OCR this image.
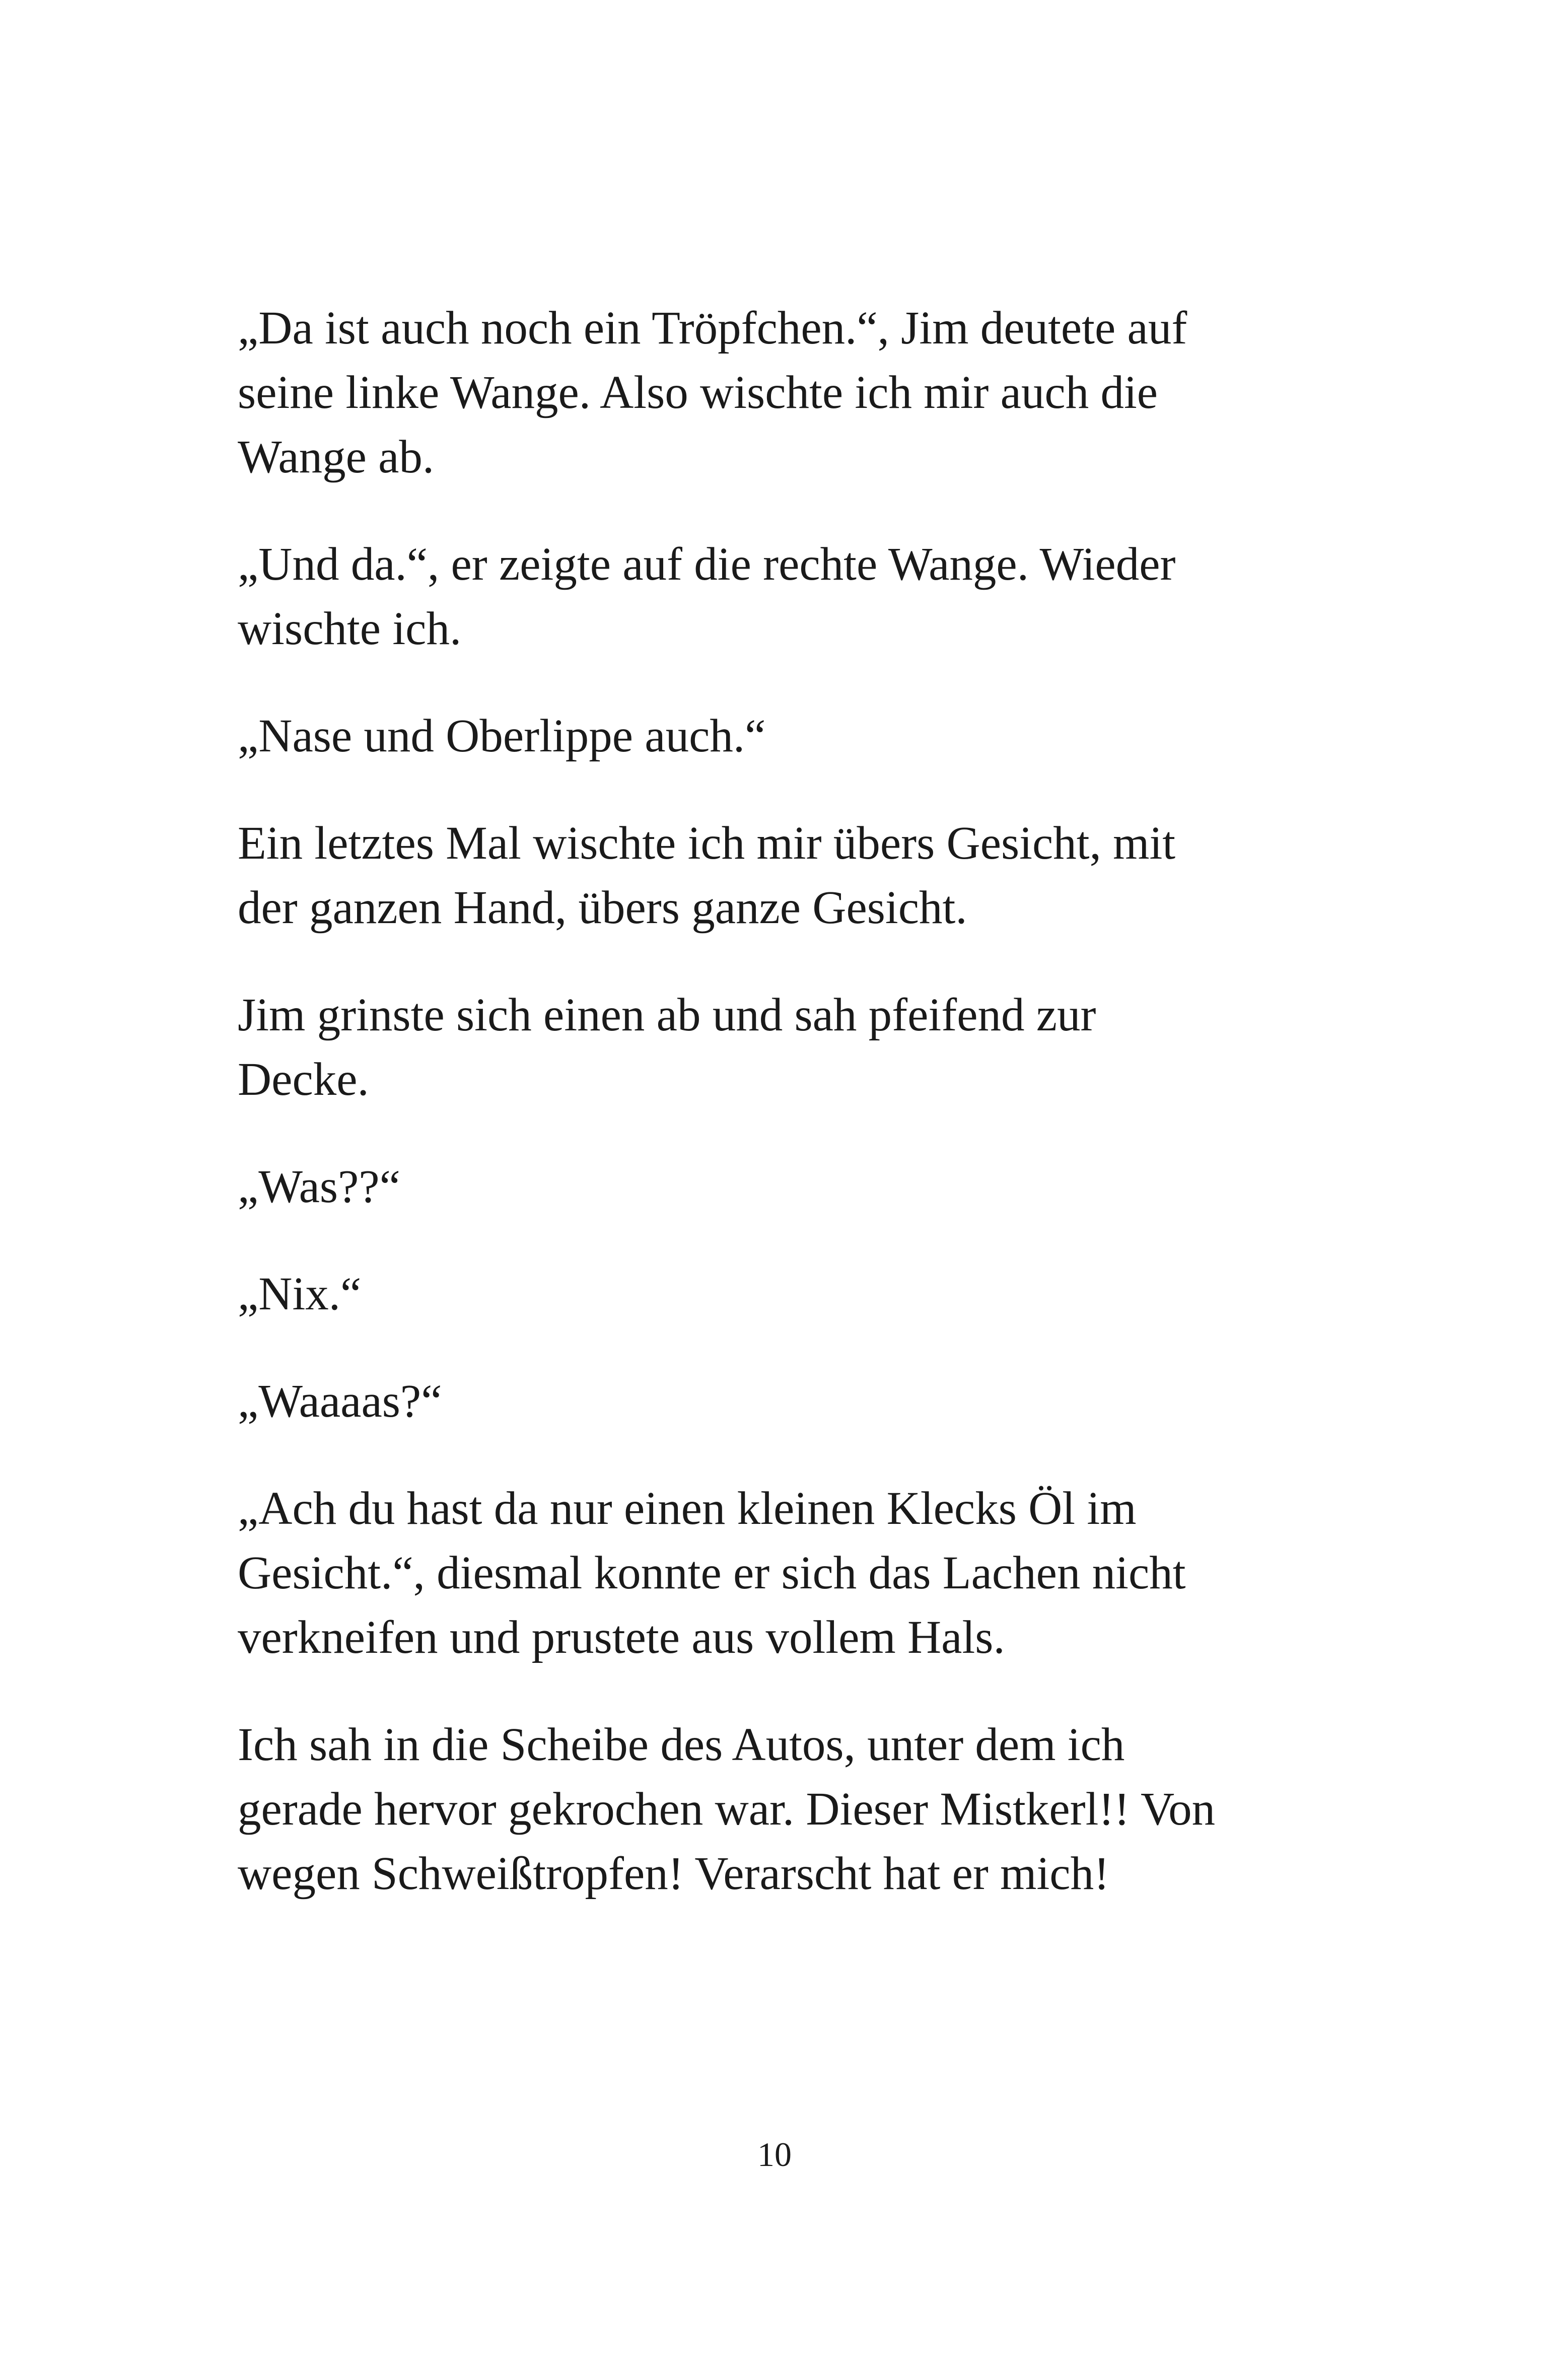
„Da ist auch noch ein Tröpfchen.“, Jim deutete auf
seine linke Wange. Also wischte ich mir auch die
Wange ab.

„Und da.“, er zeigte auf die rechte Wange. Wieder
wischte ich.

„Nase und Oberlippe auch.“

Ein letztes Mal wischte ich mir übers Gesicht, mit
der ganzen Hand, übers ganze Gesicht.

Jim grinste sich einen ab und sah pfeifend zur
Decke.

„Was??“

„Nix.“

„Waaaas?“

„Ach du hast da nur einen kleinen Klecks Öl im
Gesicht.“, diesmal konnte er sich das Lachen nicht
verkneifen und prustete aus vollem Hals.

Ich sah in die Scheibe des Autos, unter dem ich
gerade hervor gekrochen war. Dieser Mistkerl!! Von
wegen Schweißtropfen! Verarscht hat er mich!

10
